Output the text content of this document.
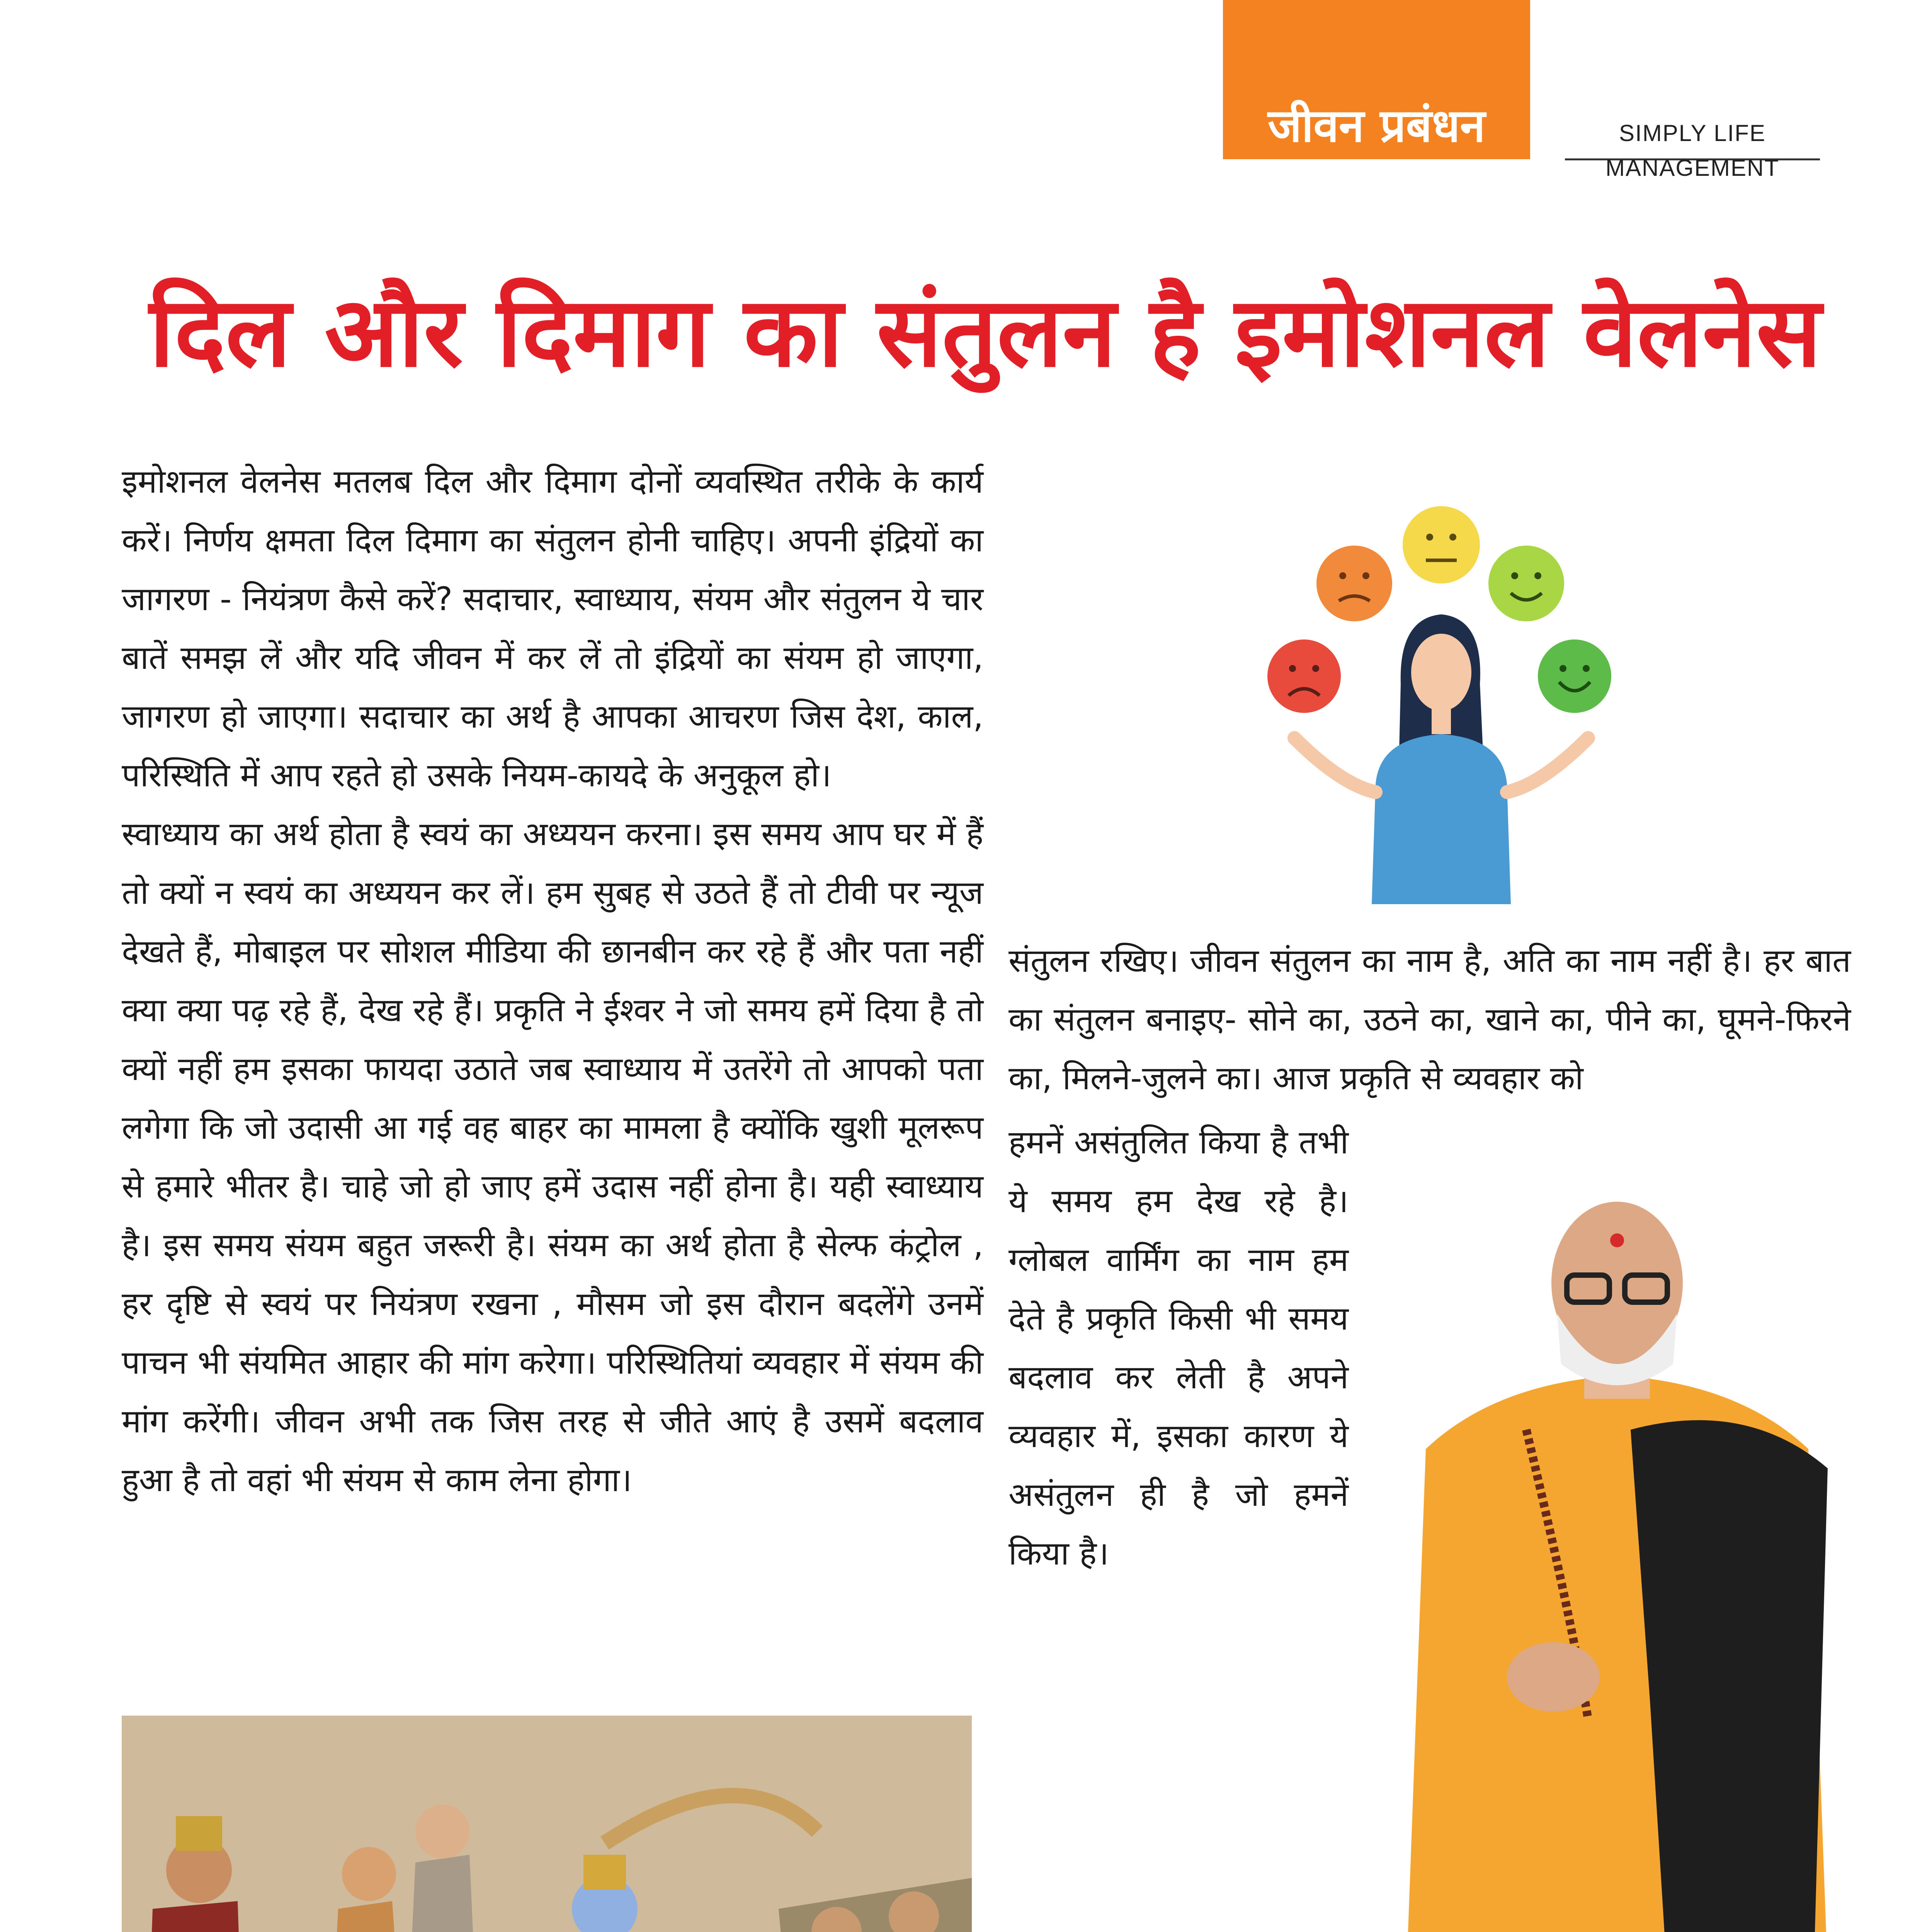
जीवन प्रबंधन	SIMPLY LIFE MANAGEMENT
दिल और दिमाग का संतुलन है इमोशनल वेलनेस

इमोशनल वेलनेस मतलब दिल और दिमाग दोनों व्यवस्थित तरीके के कार्य करें। निर्णय क्षमता दिल दिमाग का संतुलन होनी चाहिए। अपनी इंद्रियों का जागरण - नियंत्रण कैसे करें? सदाचार, स्वाध्याय, संयम और संतुलन ये चार बातें समझ लें और यदि जीवन में कर लें तो इंद्रियों का संयम हो जाएगा, जागरण हो जाएगा। सदाचार का अर्थ है आपका आचरण जिस देश, काल, परिस्थिति में आप रहते हो उसके नियम-कायदे के अनुकूल हो।

स्वाध्याय का अर्थ होता है स्वयं का अध्ययन करना। इस समय आप घर में हैं तो क्यों न स्वयं का अध्ययन कर लें। हम सुबह से उठते हैं तो टीवी पर न्यूज देखते हैं, मोबाइल पर सोशल मीडिया की छानबीन कर रहे हैं और पता नहीं क्या क्या पढ़ रहे हैं, देख रहे हैं। प्रकृति ने ईश्वर ने जो समय हमें दिया है तो क्यों नहीं हम इसका फायदा उठाते जब स्वाध्याय में उतरेंगे तो आपको पता लगेगा कि जो उदासी आ गई वह बाहर का मामला है क्योंकि खुशी मूलरूप से हमारे भीतर है। चाहे जो हो जाए हमें उदास नहीं होना है। यही स्वाध्याय है। इस समय संयम बहुत जरूरी है। संयम का अर्थ होता है सेल्फ कंट्रोल , हर दृष्टि से स्वयं पर नियंत्रण रखना , मौसम जो इस दौरान बदलेंगे उनमें पाचन भी संयमित आहार की मांग करेगा। परिस्थितियां व्यवहार में संयम की मांग करेंगी। जीवन अभी तक जिस तरह से जीते आएं है उसमें बदलाव हुआ है तो वहां भी संयम से काम लेना होगा।

संतुलन रखिए। जीवन संतुलन का नाम है, अति का नाम नहीं है। हर बात का संतुलन बनाइए- सोने का, उठने का, खाने का, पीने का, घूमने-फिरने का, मिलने-जुलने का। आज प्रकृति से व्यवहार को

हमनें असंतुलित किया है तभी ये समय हम देख रहे है। ग्लोबल वार्मिंग का नाम हम देते है प्रकृति किसी भी समय बदलाव कर लेती है अपने व्यवहार में, इसका कारण ये असंतुलन ही है जो हमनें किया है।
